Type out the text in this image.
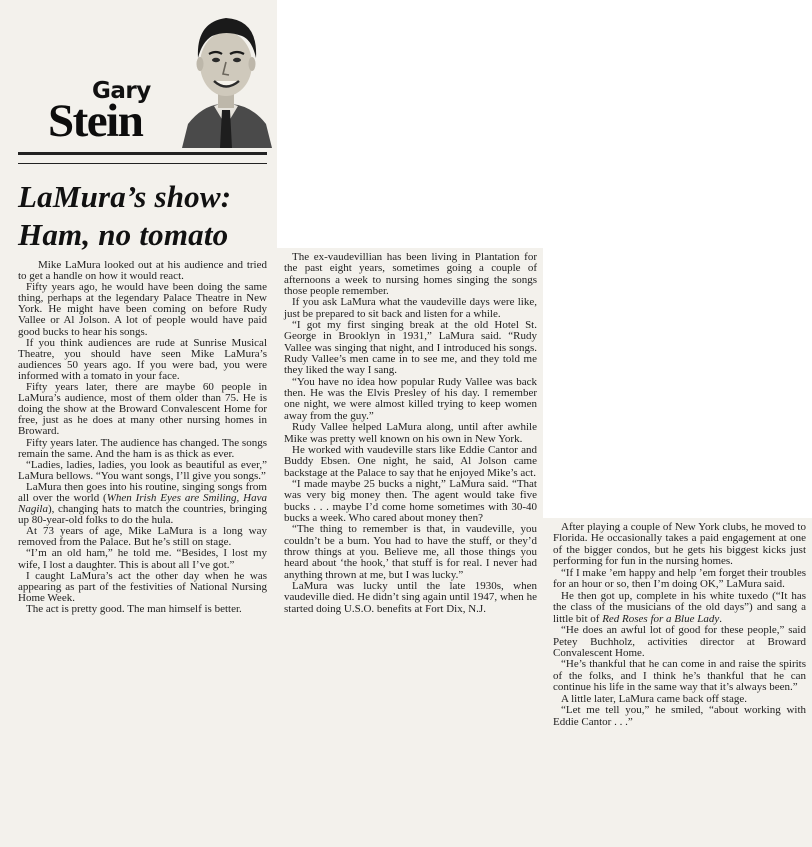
Gary
Stein
LaMura’s show:
Ham, no tomato

Mike LaMura looked out at his audience and tried to get a handle on how it would react.

Fifty years ago, he would have been doing the same thing, perhaps at the legendary Palace Theatre in New York. He might have been coming on before Rudy Vallee or Al Jolson. A lot of people would have paid good bucks to hear his songs.

If you think audiences are rude at Sunrise Musical Theatre, you should have seen Mike LaMura’s audiences 50 years ago. If you were bad, you were informed with a tomato in your face.

Fifty years later, there are maybe 60 people in LaMura’s audience, most of them older than 75. He is doing the show at the Broward Convalescent Home for free, just as he does at many other nursing homes in Broward.

Fifty years later. The audience has changed. The songs remain the same. And the ham is as thick as ever.

“Ladies, ladies, ladies, you look as beautiful as ever,” LaMura bellows. “You want songs, I’ll give you songs.”

LaMura then goes into his routine, singing songs from all over the world (When Irish Eyes are Smiling, Hava Nagila), changing hats to match the countries, bringing up 80-year-old folks to do the hula.

At 73 years of age, Mike LaMura is a long way removed from the Palace. But he’s still on stage.

“I’m an old ham,” he told me. “Besides, I lost my wife, I lost a daughter. This is about all I’ve got.”

I caught LaMura’s act the other day when he was appearing as part of the festivities of National Nursing Home Week.

The act is pretty good. The man himself is better.

The ex-vaudevillian has been living in Plantation for the past eight years, sometimes going a couple of afternoons a week to nursing homes singing the songs those people remember.

If you ask LaMura what the vaudeville days were like, just be prepared to sit back and listen for a while.

“I got my first singing break at the old Hotel St. George in Brooklyn in 1931,” LaMura said. “Rudy Vallee was singing that night, and I introduced his songs. Rudy Vallee’s men came in to see me, and they told me they liked the way I sang.

“You have no idea how popular Rudy Vallee was back then. He was the Elvis Presley of his day. I remember one night, we were almost killed trying to keep women away from the guy.”

Rudy Vallee helped LaMura along, until after awhile Mike was pretty well known on his own in New York.

He worked with vaudeville stars like Eddie Cantor and Buddy Ebsen. One night, he said, Al Jolson came backstage at the Palace to say that he enjoyed Mike’s act.

“I made maybe 25 bucks a night,” LaMura said. “That was very big money then. The agent would take five bucks . . . maybe I’d come home sometimes with 30-40 bucks a week. Who cared about money then?

“The thing to remember is that, in vaudeville, you couldn’t be a bum. You had to have the stuff, or they’d throw things at you. Believe me, all those things you heard about ‘the hook,’ that stuff is for real. I never had anything thrown at me, but I was lucky.”

LaMura was lucky until the late 1930s, when vaudeville died. He didn’t sing again until 1947, when he started doing U.S.O. benefits at Fort Dix, N.J.

After playing a couple of New York clubs, he moved to Florida. He occasionally takes a paid engagement at one of the bigger condos, but he gets his biggest kicks just performing for fun in the nursing homes.

“If I make ’em happy and help ’em forget their troubles for an hour or so, then I’m doing OK,” LaMura said.

He then got up, complete in his white tuxedo (“It has the class of the musicians of the old days”) and sang a little bit of Red Roses for a Blue Lady.

“He does an awful lot of good for these people,” said Petey Buchholz, activities director at Broward Convalescent Home.

“He’s thankful that he can come in and raise the spirits of the folks, and I think he’s thankful that he can continue his life in the same way that it’s always been.”

A little later, LaMura came back off stage.

“Let me tell you,” he smiled, “about working with Eddie Cantor . . .”
